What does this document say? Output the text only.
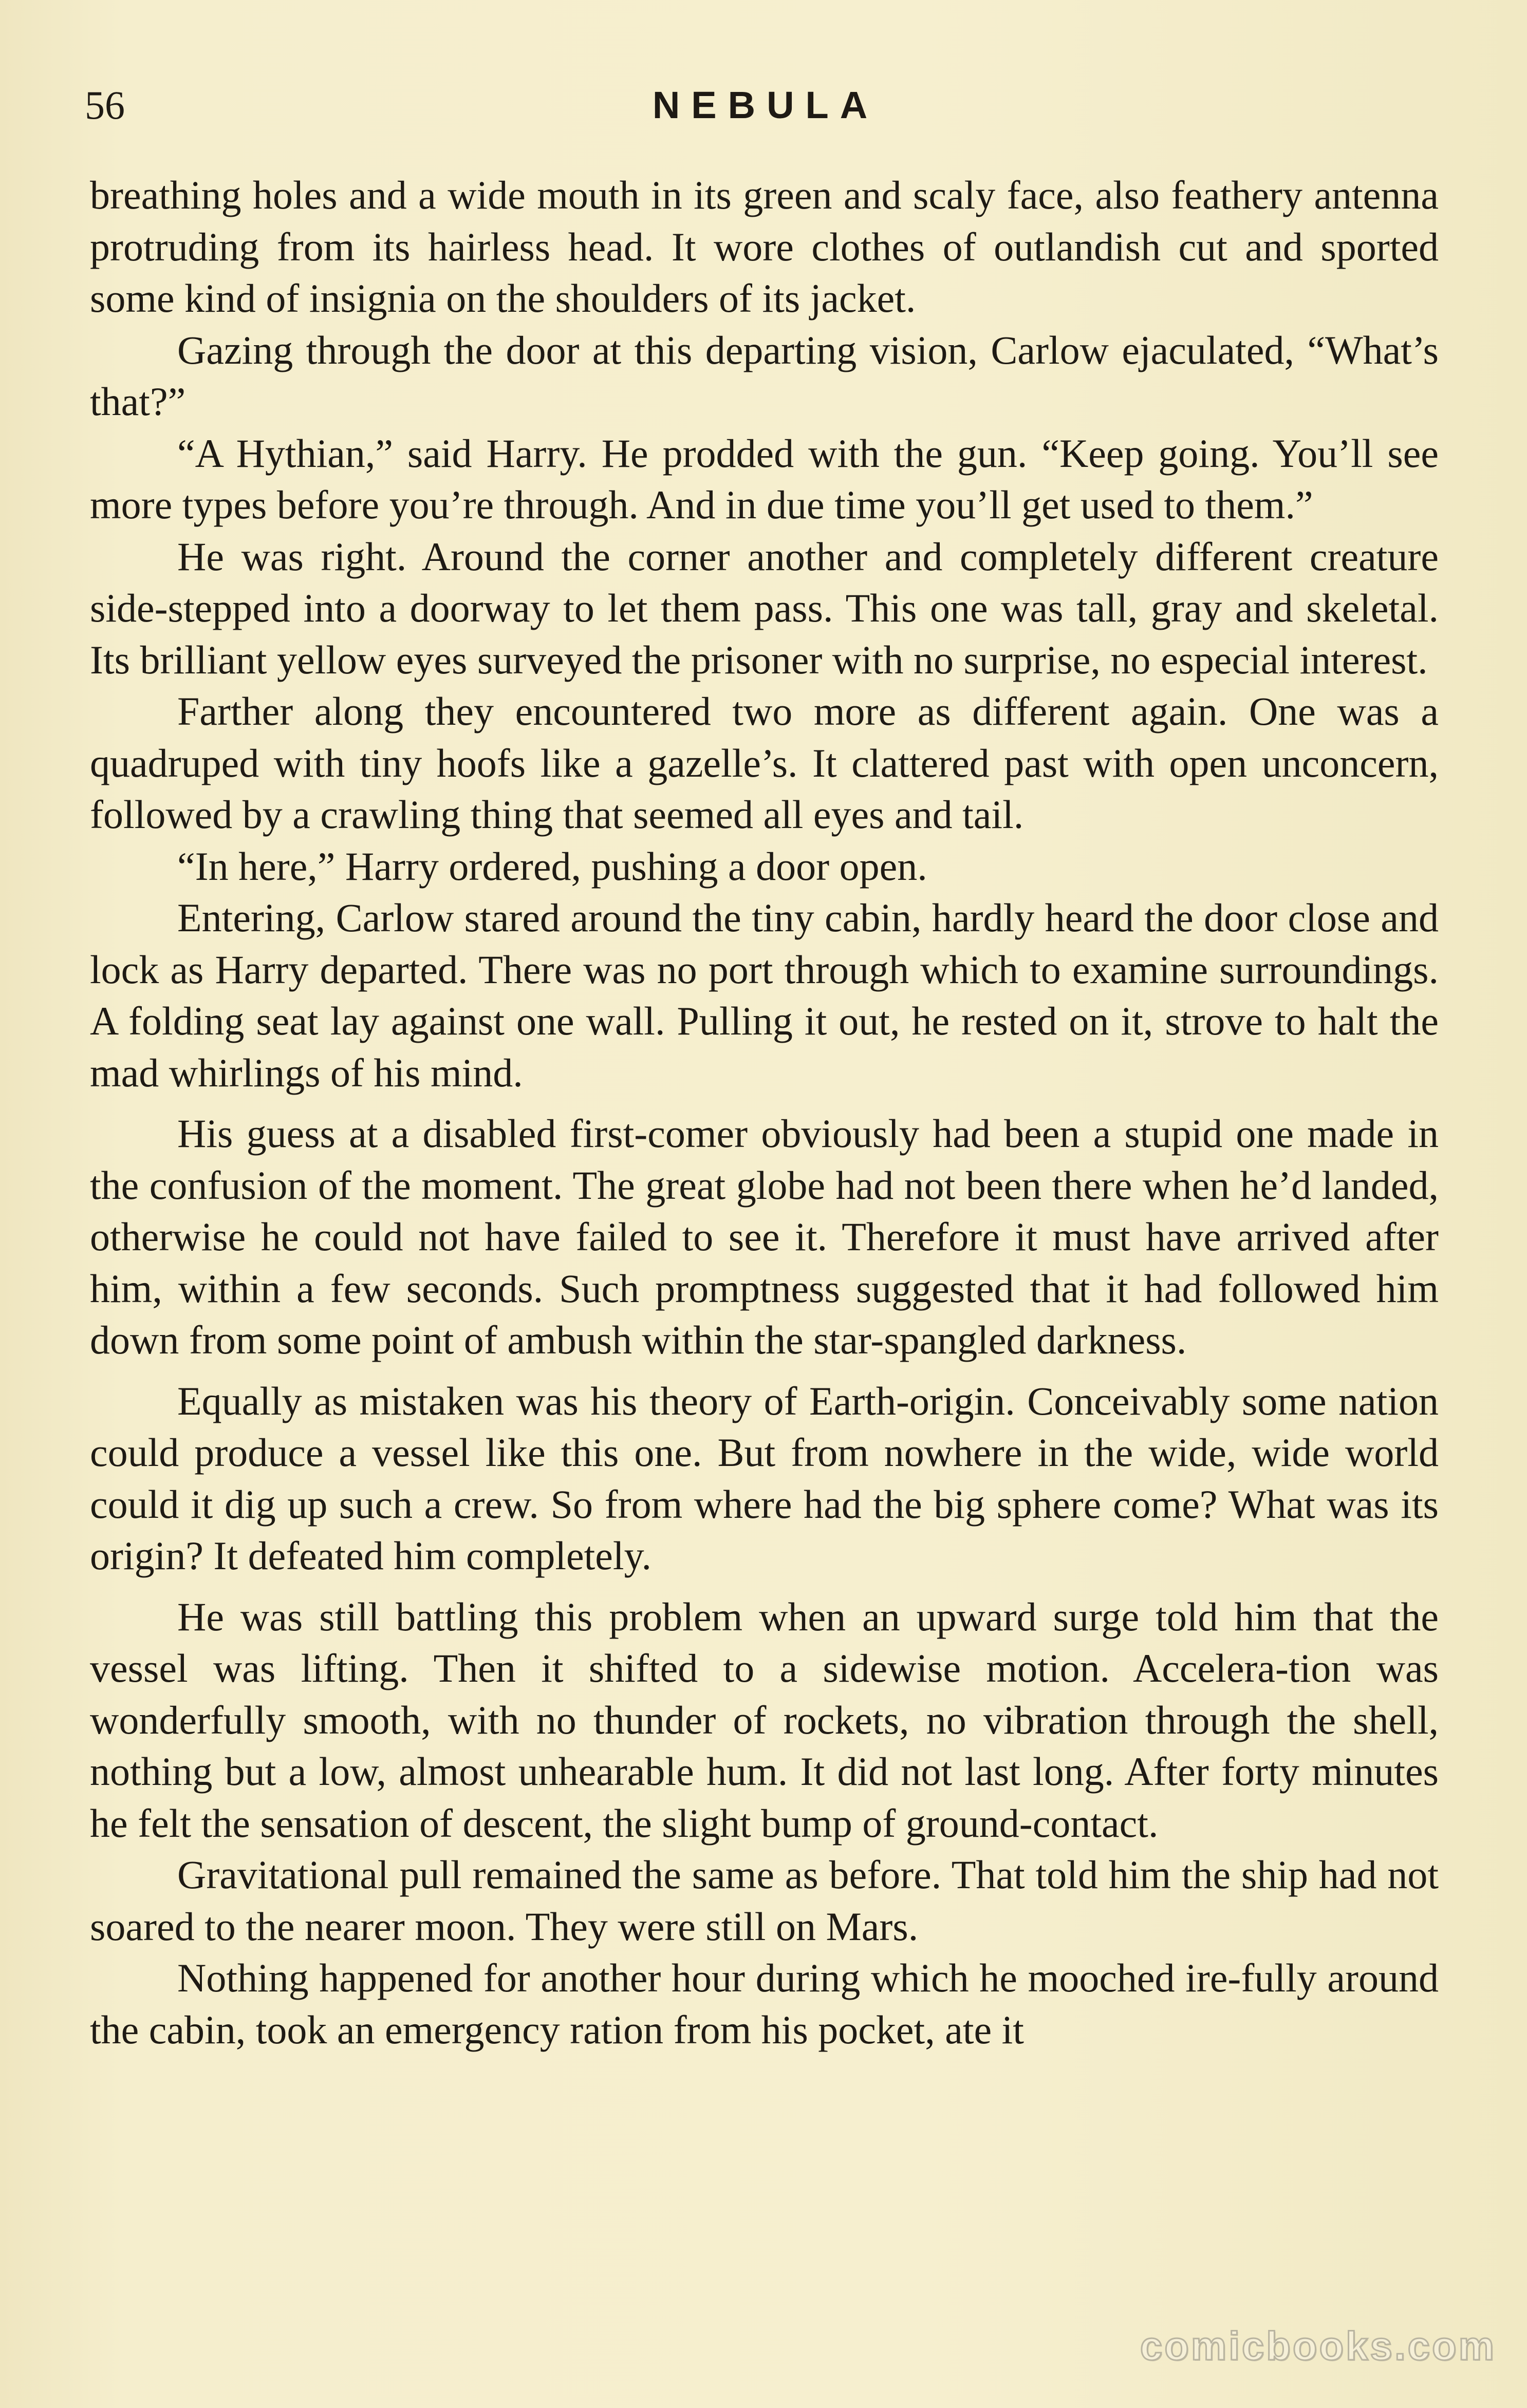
56	NEBULA

breathing holes and a wide mouth in its green and scaly face, also feathery antenna protruding from its hairless head. It wore clothes of outlandish cut and sported some kind of insignia on the shoulders of its jacket.

Gazing through the door at this departing vision, Carlow ejaculated, “What’s that?”

“A Hythian,” said Harry. He prodded with the gun. “Keep going. You’ll see more types before you’re through. And in due time you’ll get used to them.”

He was right. Around the corner another and completely different creature side-stepped into a doorway to let them pass. This one was tall, gray and skeletal. Its brilliant yellow eyes surveyed the prisoner with no surprise, no especial interest.

Farther along they encountered two more as different again. One was a quadruped with tiny hoofs like a gazelle’s. It clattered past with open unconcern, followed by a crawling thing that seemed all eyes and tail.

“In here,” Harry ordered, pushing a door open.

Entering, Carlow stared around the tiny cabin, hardly heard the door close and lock as Harry departed. There was no port through which to examine surroundings. A folding seat lay against one wall. Pulling it out, he rested on it, strove to halt the mad whirlings of his mind.

His guess at a disabled first-comer obviously had been a stupid one made in the confusion of the moment. The great globe had not been there when he’d landed, otherwise he could not have failed to see it. Therefore it must have arrived after him, within a few seconds. Such promptness suggested that it had followed him down from some point of ambush within the star-spangled darkness.

Equally as mistaken was his theory of Earth-origin. Conceivably some nation could produce a vessel like this one. But from nowhere in the wide, wide world could it dig up such a crew. So from where had the big sphere come? What was its origin? It defeated him completely.

He was still battling this problem when an upward surge told him that the vessel was lifting. Then it shifted to a sidewise motion. Accelera-tion was wonderfully smooth, with no thunder of rockets, no vibration through the shell, nothing but a low, almost unhearable hum. It did not last long. After forty minutes he felt the sensation of descent, the slight bump of ground-contact.

Gravitational pull remained the same as before. That told him the ship had not soared to the nearer moon. They were still on Mars.

Nothing happened for another hour during which he mooched ire-fully around the cabin, took an emergency ration from his pocket, ate it

comicbooks.com
